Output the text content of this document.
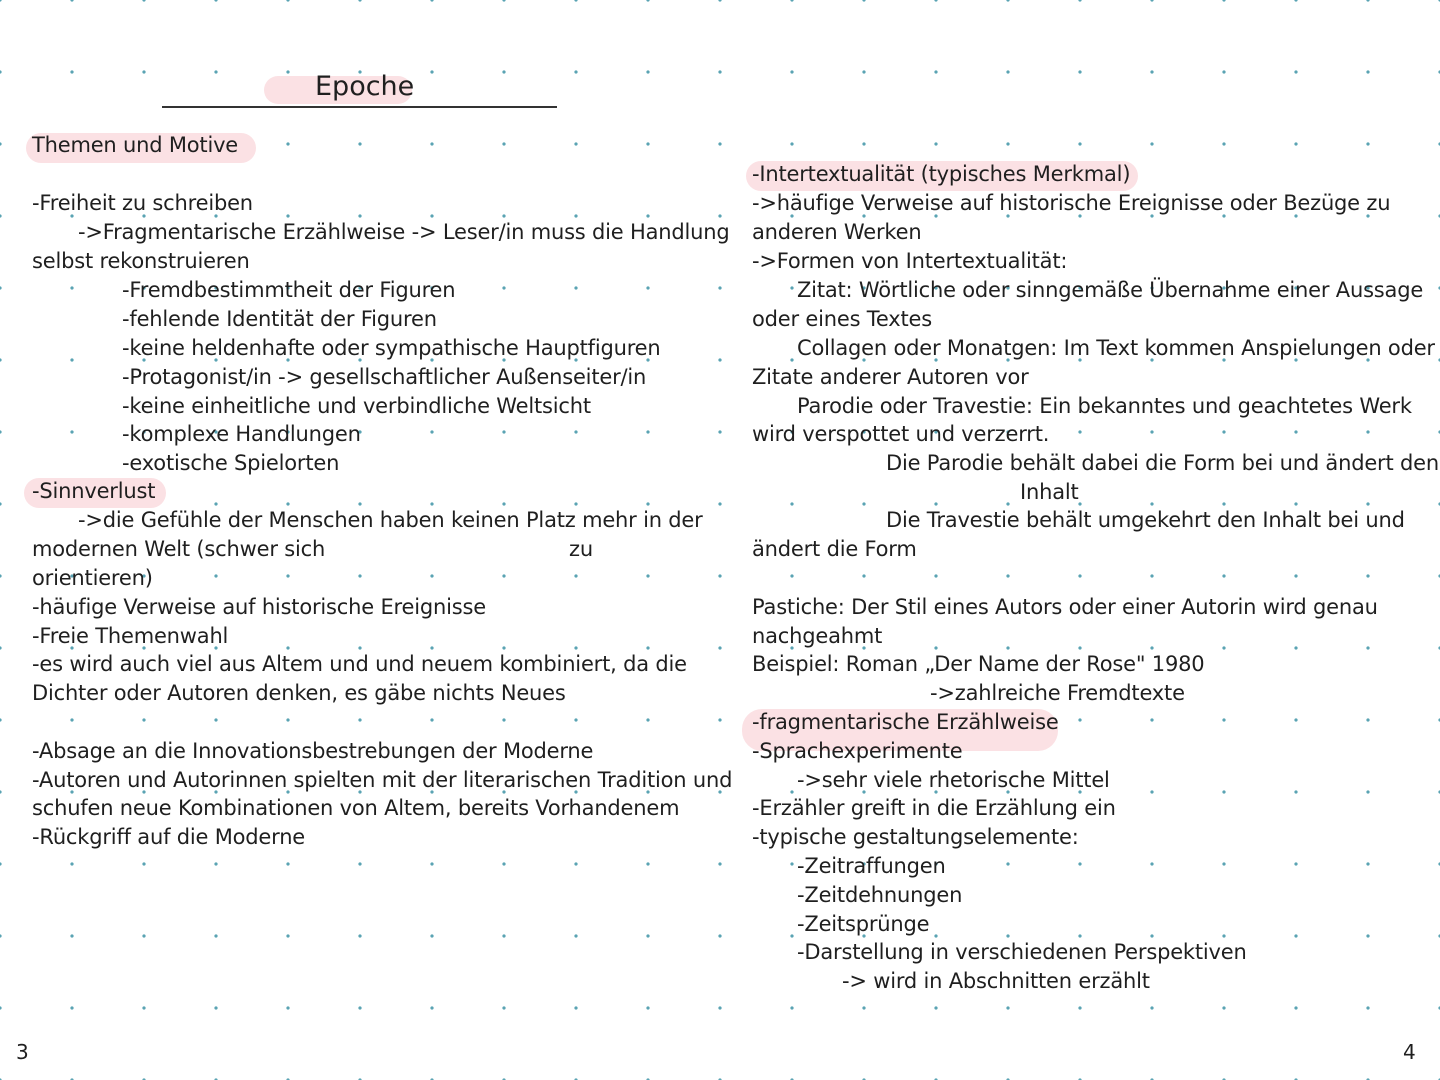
Epoche
Themen und Motive
-Freiheit zu schreiben
->Fragmentarische Erzählweise -> Leser/in muss die Handlung
selbst rekonstruieren
-Fremdbestimmtheit der Figuren
-fehlende Identität der Figuren
-keine heldenhafte oder sympathische Hauptfiguren
-Protagonist/in -> gesellschaftlicher Außenseiter/in
-keine einheitliche und verbindliche Weltsicht
-komplexe Handlungen
-exotische Spielorten
-Sinnverlust
->die Gefühle der Menschen haben keinen Platz mehr in der
modernen Welt (schwer sich	zu
orientieren)
-häufige Verweise auf historische Ereignisse
-Freie Themenwahl
-es wird auch viel aus Altem und und neuem kombiniert, da die
Dichter oder Autoren denken, es gäbe nichts Neues
-Absage an die Innovationsbestrebungen der Moderne
-Autoren und Autorinnen spielten mit der literarischen Tradition und
schufen neue Kombinationen von Altem, bereits Vorhandenem
-Rückgriff auf die Moderne
3
-Intertextualität (typisches Merkmal)
->häufige Verweise auf historische Ereignisse oder Bezüge zu
anderen Werken
->Formen von Intertextualität:
Zitat: Wörtliche oder sinngemäße Übernahme einer Aussage
oder eines Textes
Collagen oder Monatgen: Im Text kommen Anspielungen oder
Zitate anderer Autoren vor
Parodie oder Travestie: Ein bekanntes und geachtetes Werk
wird verspottet und verzerrt.
Die Parodie behält dabei die Form bei und ändert den
Inhalt
Die Travestie behält umgekehrt den Inhalt bei und
ändert die Form
Pastiche: Der Stil eines Autors oder einer Autorin wird genau
nachgeahmt
Beispiel: Roman „Der Name der Rose" 1980
->zahlreiche Fremdtexte
-fragmentarische Erzählweise
-Sprachexperimente
->sehr viele rhetorische Mittel
-Erzähler greift in die Erzählung ein
-typische gestaltungselemente:
-Zeitraffungen
-Zeitdehnungen
-Zeitsprünge
-Darstellung in verschiedenen Perspektiven
-> wird in Abschnitten erzählt
4
